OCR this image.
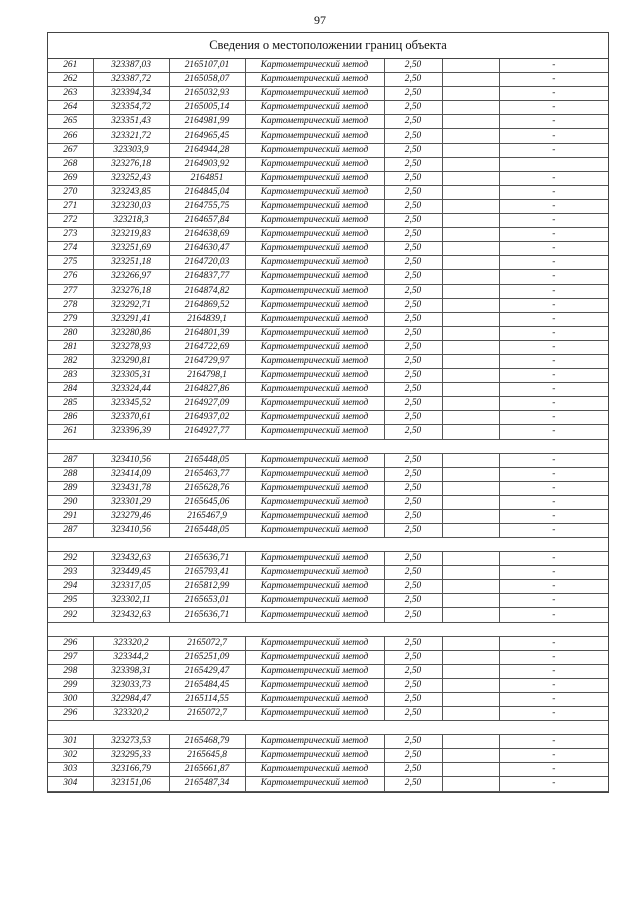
97
Сведения о местоположении границ объекта
261	323387,03	2165107,01	Картометрический метод	2,50		-
262	323387,72	2165058,07	Картометрический метод	2,50		-
263	323394,34	2165032,93	Картометрический метод	2,50		-
264	323354,72	2165005,14	Картометрический метод	2,50		-
265	323351,43	2164981,99	Картометрический метод	2,50		-
266	323321,72	2164965,45	Картометрический метод	2,50		-
267	323303,9	2164944,28	Картометрический метод	2,50		-
268	323276,18	2164903,92	Картометрический метод	2,50		
269	323252,43	2164851	Картометрический метод	2,50		-
270	323243,85	2164845,04	Картометрический метод	2,50		-
271	323230,03	2164755,75	Картометрический метод	2,50		-
272	323218,3	2164657,84	Картометрический метод	2,50		-
273	323219,83	2164638,69	Картометрический метод	2,50		-
274	323251,69	2164630,47	Картометрический метод	2,50		-
275	323251,18	2164720,03	Картометрический метод	2,50		-
276	323266,97	2164837,77	Картометрический метод	2,50		-
277	323276,18	2164874,82	Картометрический метод	2,50		-
278	323292,71	2164869,52	Картометрический метод	2,50		-
279	323291,41	2164839,1	Картометрический метод	2,50		-
280	323280,86	2164801,39	Картометрический метод	2,50		-
281	323278,93	2164722,69	Картометрический метод	2,50		-
282	323290,81	2164729,97	Картометрический метод	2,50		-
283	323305,31	2164798,1	Картометрический метод	2,50		-
284	323324,44	2164827,86	Картометрический метод	2,50		-
285	323345,52	2164927,09	Картометрический метод	2,50		-
286	323370,61	2164937,02	Картометрический метод	2,50		-
261	323396,39	2164927,77	Картометрический метод	2,50		-

287	323410,56	2165448,05	Картометрический метод	2,50		-
288	323414,09	2165463,77	Картометрический метод	2,50		-
289	323431,78	2165628,76	Картометрический метод	2,50		-
290	323301,29	2165645,06	Картометрический метод	2,50		-
291	323279,46	2165467,9	Картометрический метод	2,50		-
287	323410,56	2165448,05	Картометрический метод	2,50		-

292	323432,63	2165636,71	Картометрический метод	2,50		-
293	323449,45	2165793,41	Картометрический метод	2,50		-
294	323317,05	2165812,99	Картометрический метод	2,50		-
295	323302,11	2165653,01	Картометрический метод	2,50		-
292	323432,63	2165636,71	Картометрический метод	2,50		-

296	323320,2	2165072,7	Картометрический метод	2,50		-
297	323344,2	2165251,09	Картометрический метод	2,50		-
298	323398,31	2165429,47	Картометрический метод	2,50		-
299	323033,73	2165484,45	Картометрический метод	2,50		-
300	322984,47	2165114,55	Картометрический метод	2,50		-
296	323320,2	2165072,7	Картометрический метод	2,50		-

301	323273,53	2165468,79	Картометрический метод	2,50		-
302	323295,33	2165645,8	Картометрический метод	2,50		-
303	323166,79	2165661,87	Картометрический метод	2,50		-
304	323151,06	2165487,34	Картометрический метод	2,50		-
